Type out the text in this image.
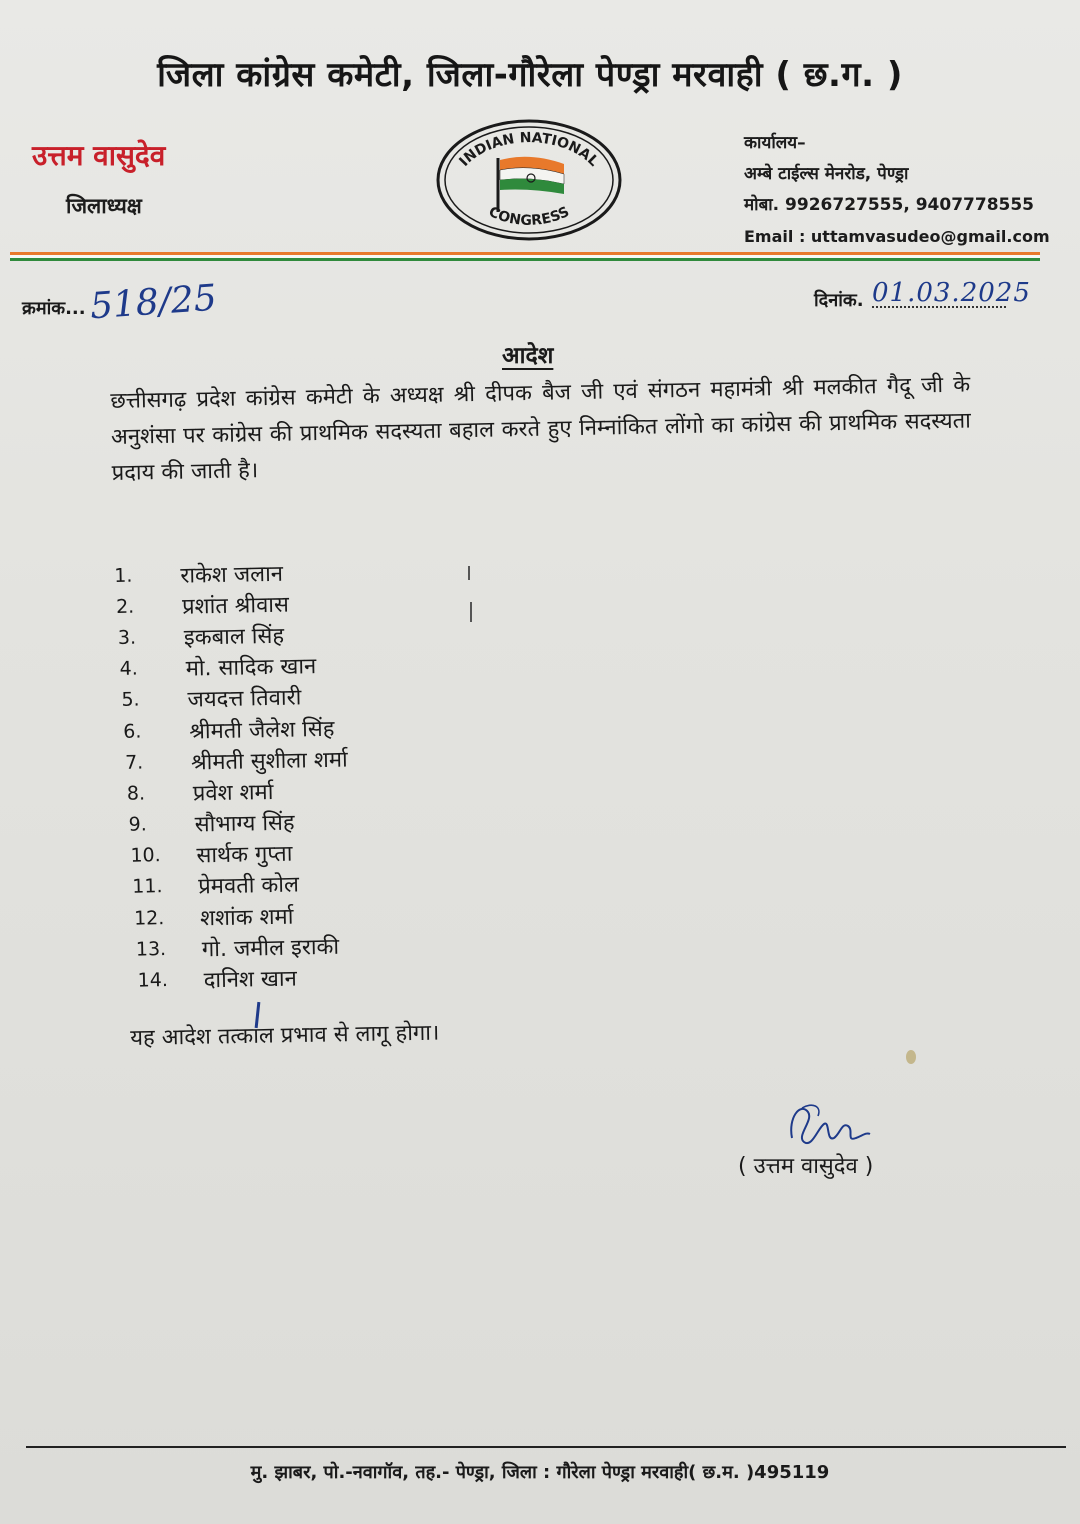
जिला कांग्रेस कमेटी, जिला-गौरेला पेण्ड्रा मरवाही ( छ.ग. )
उत्तम वासुदेव
जिलाध्यक्ष
INDIAN NATIONAL
CONGRESS
कार्यालय–
अम्बे टाईल्स मेनरोड, पेण्ड्रा
मोबा. 9926727555, 9407778555
Email : uttamvasudeo@gmail.com
क्रमांक... 518/25	दिनांक. 01.03.2025
आदेश
छत्तीसगढ़ प्रदेश कांग्रेस कमेटी के अध्यक्ष श्री दीपक बैज जी एवं संगठन महामंत्री श्री मलकीत गैदू जी के अनुशंसा पर कांग्रेस की प्राथमिक सदस्यता बहाल करते हुए निम्नांकित लोंगो का कांग्रेस की प्राथमिक सदस्यता प्रदाय की जाती है।
1.	राकेश जलान
2.	प्रशांत श्रीवास
3.	इकबाल सिंह
4.	मो. सादिक खान
5.	जयदत्त तिवारी
6.	श्रीमती जैलेश सिंह
7.	श्रीमती सुशीला शर्मा
8.	प्रवेश शर्मा
9.	सौभाग्य सिंह
10.	सार्थक गुप्ता
11.	प्रेमवती कोल
12.	शशांक शर्मा
13.	गो. जमील इराकी
14.	दानिश खान
यह आदेश तत्काल प्रभाव से लागू होगा।
( उत्तम वासुदेव )
मु. झाबर, पो.-नवागॉव, तह.- पेण्ड्रा, जिला : गौरेला पेण्ड्रा मरवाही( छ.म. )495119
